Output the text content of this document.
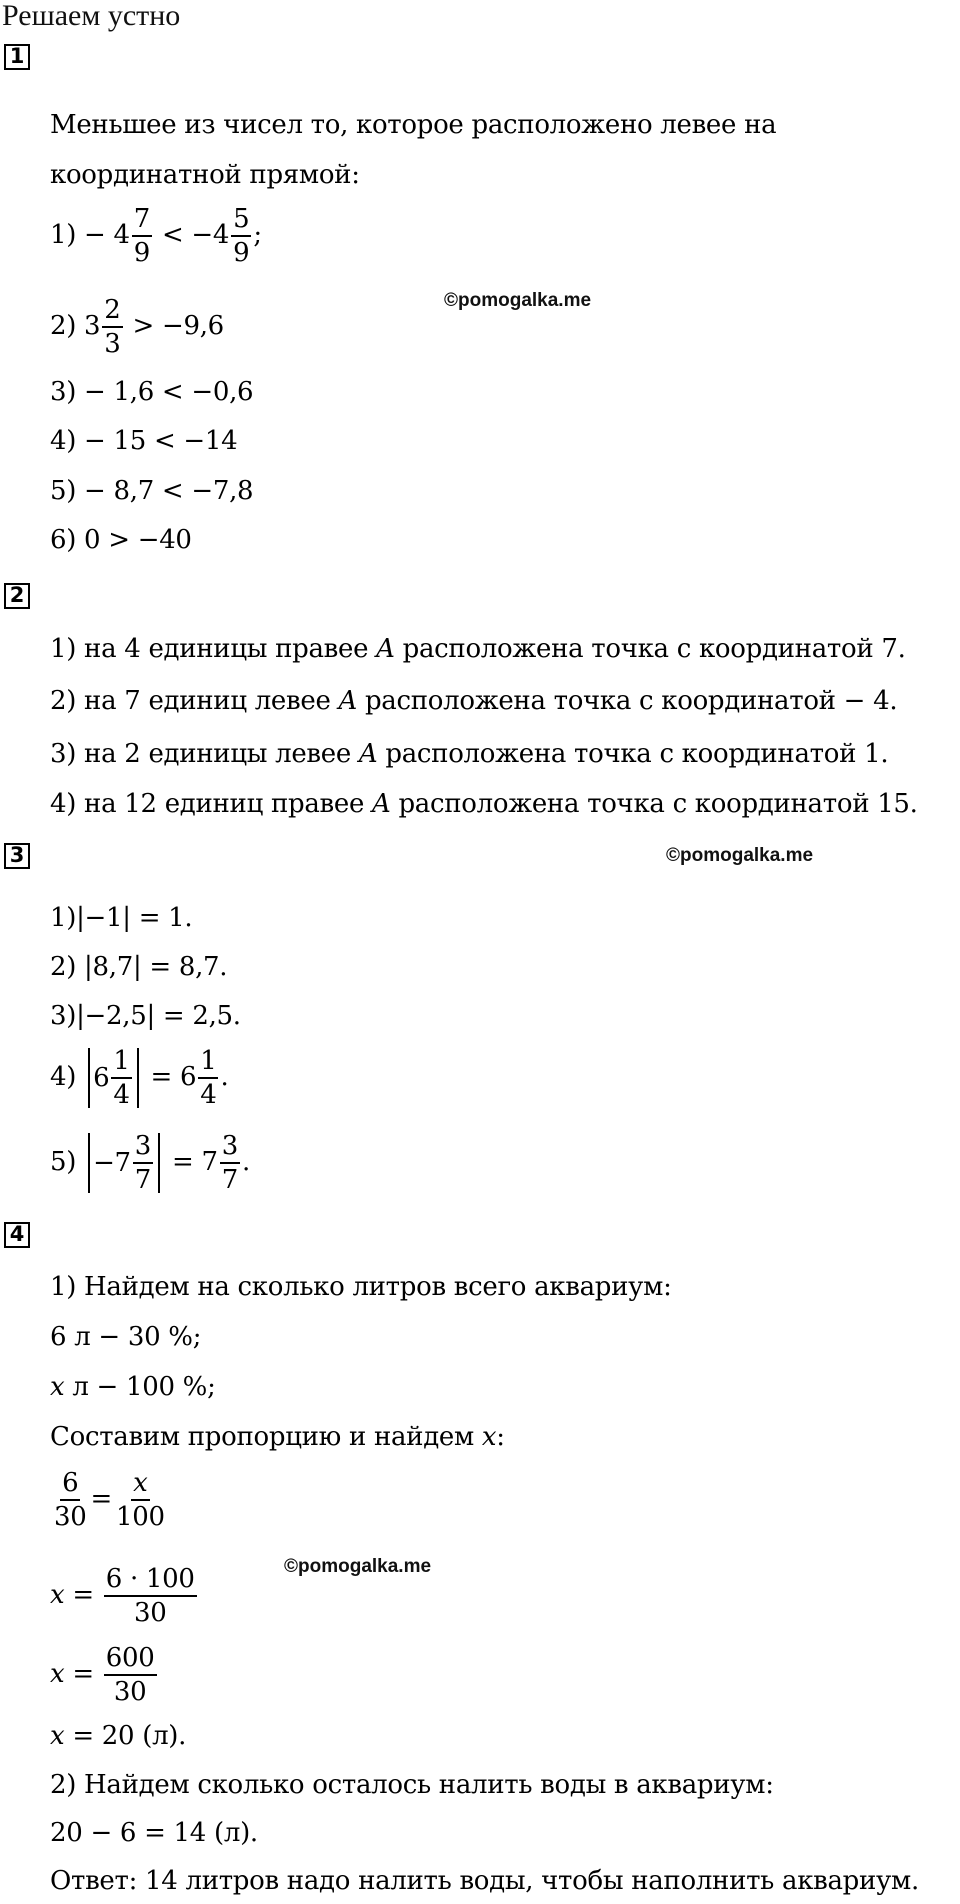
Решаем устно
1
Меньшее из чисел то, которое расположено левее на
координатной прямой:
$1) - 4 \frac{7}{9} < -4 \frac{5}{9}$ ;
©pomogalka.me
2) $3 \frac{2}{3} > -9,6$
3) − 1,6 < −0,6
4) − 15 < −14
5) − 8,7 < −7,8
6) 0 > −40
2
1) на 4 единицы правее A расположена точка с координатой 7.
2) на 7 единиц левее A расположена точка с координатой − 4.
3) на 2 единицы левее A расположена точка с координатой 1.
4) на 12 единиц правее A расположена точка с координатой 15.
3	©pomogalka.me
1)|−1| = 1.
2) |8,7| = 8,7.
3)|−2,5| = 2,5.
4) $6 \frac{1}{4} = 6 \frac{1}{4}$ .
$5) -7 \frac{3}{7} = 7 \frac{3}{7}$ .
4
1) Найдем на сколько литров всего аквариум:
6 л − 30 %;
x л − 100 %;
Составим пропорцию и найдем x:
$\frac{6}{30} = \frac{x}{100}$
$x = \frac{6 \cdot 100}{30}$	©pomogalka.me
$x = \frac{600}{30}$
x = 20 (л).
2) Найдем сколько осталось налить воды в аквариум:
20 − 6 = 14 (л).
Ответ: 14 литров надо налить воды, чтобы наполнить аквариум.
